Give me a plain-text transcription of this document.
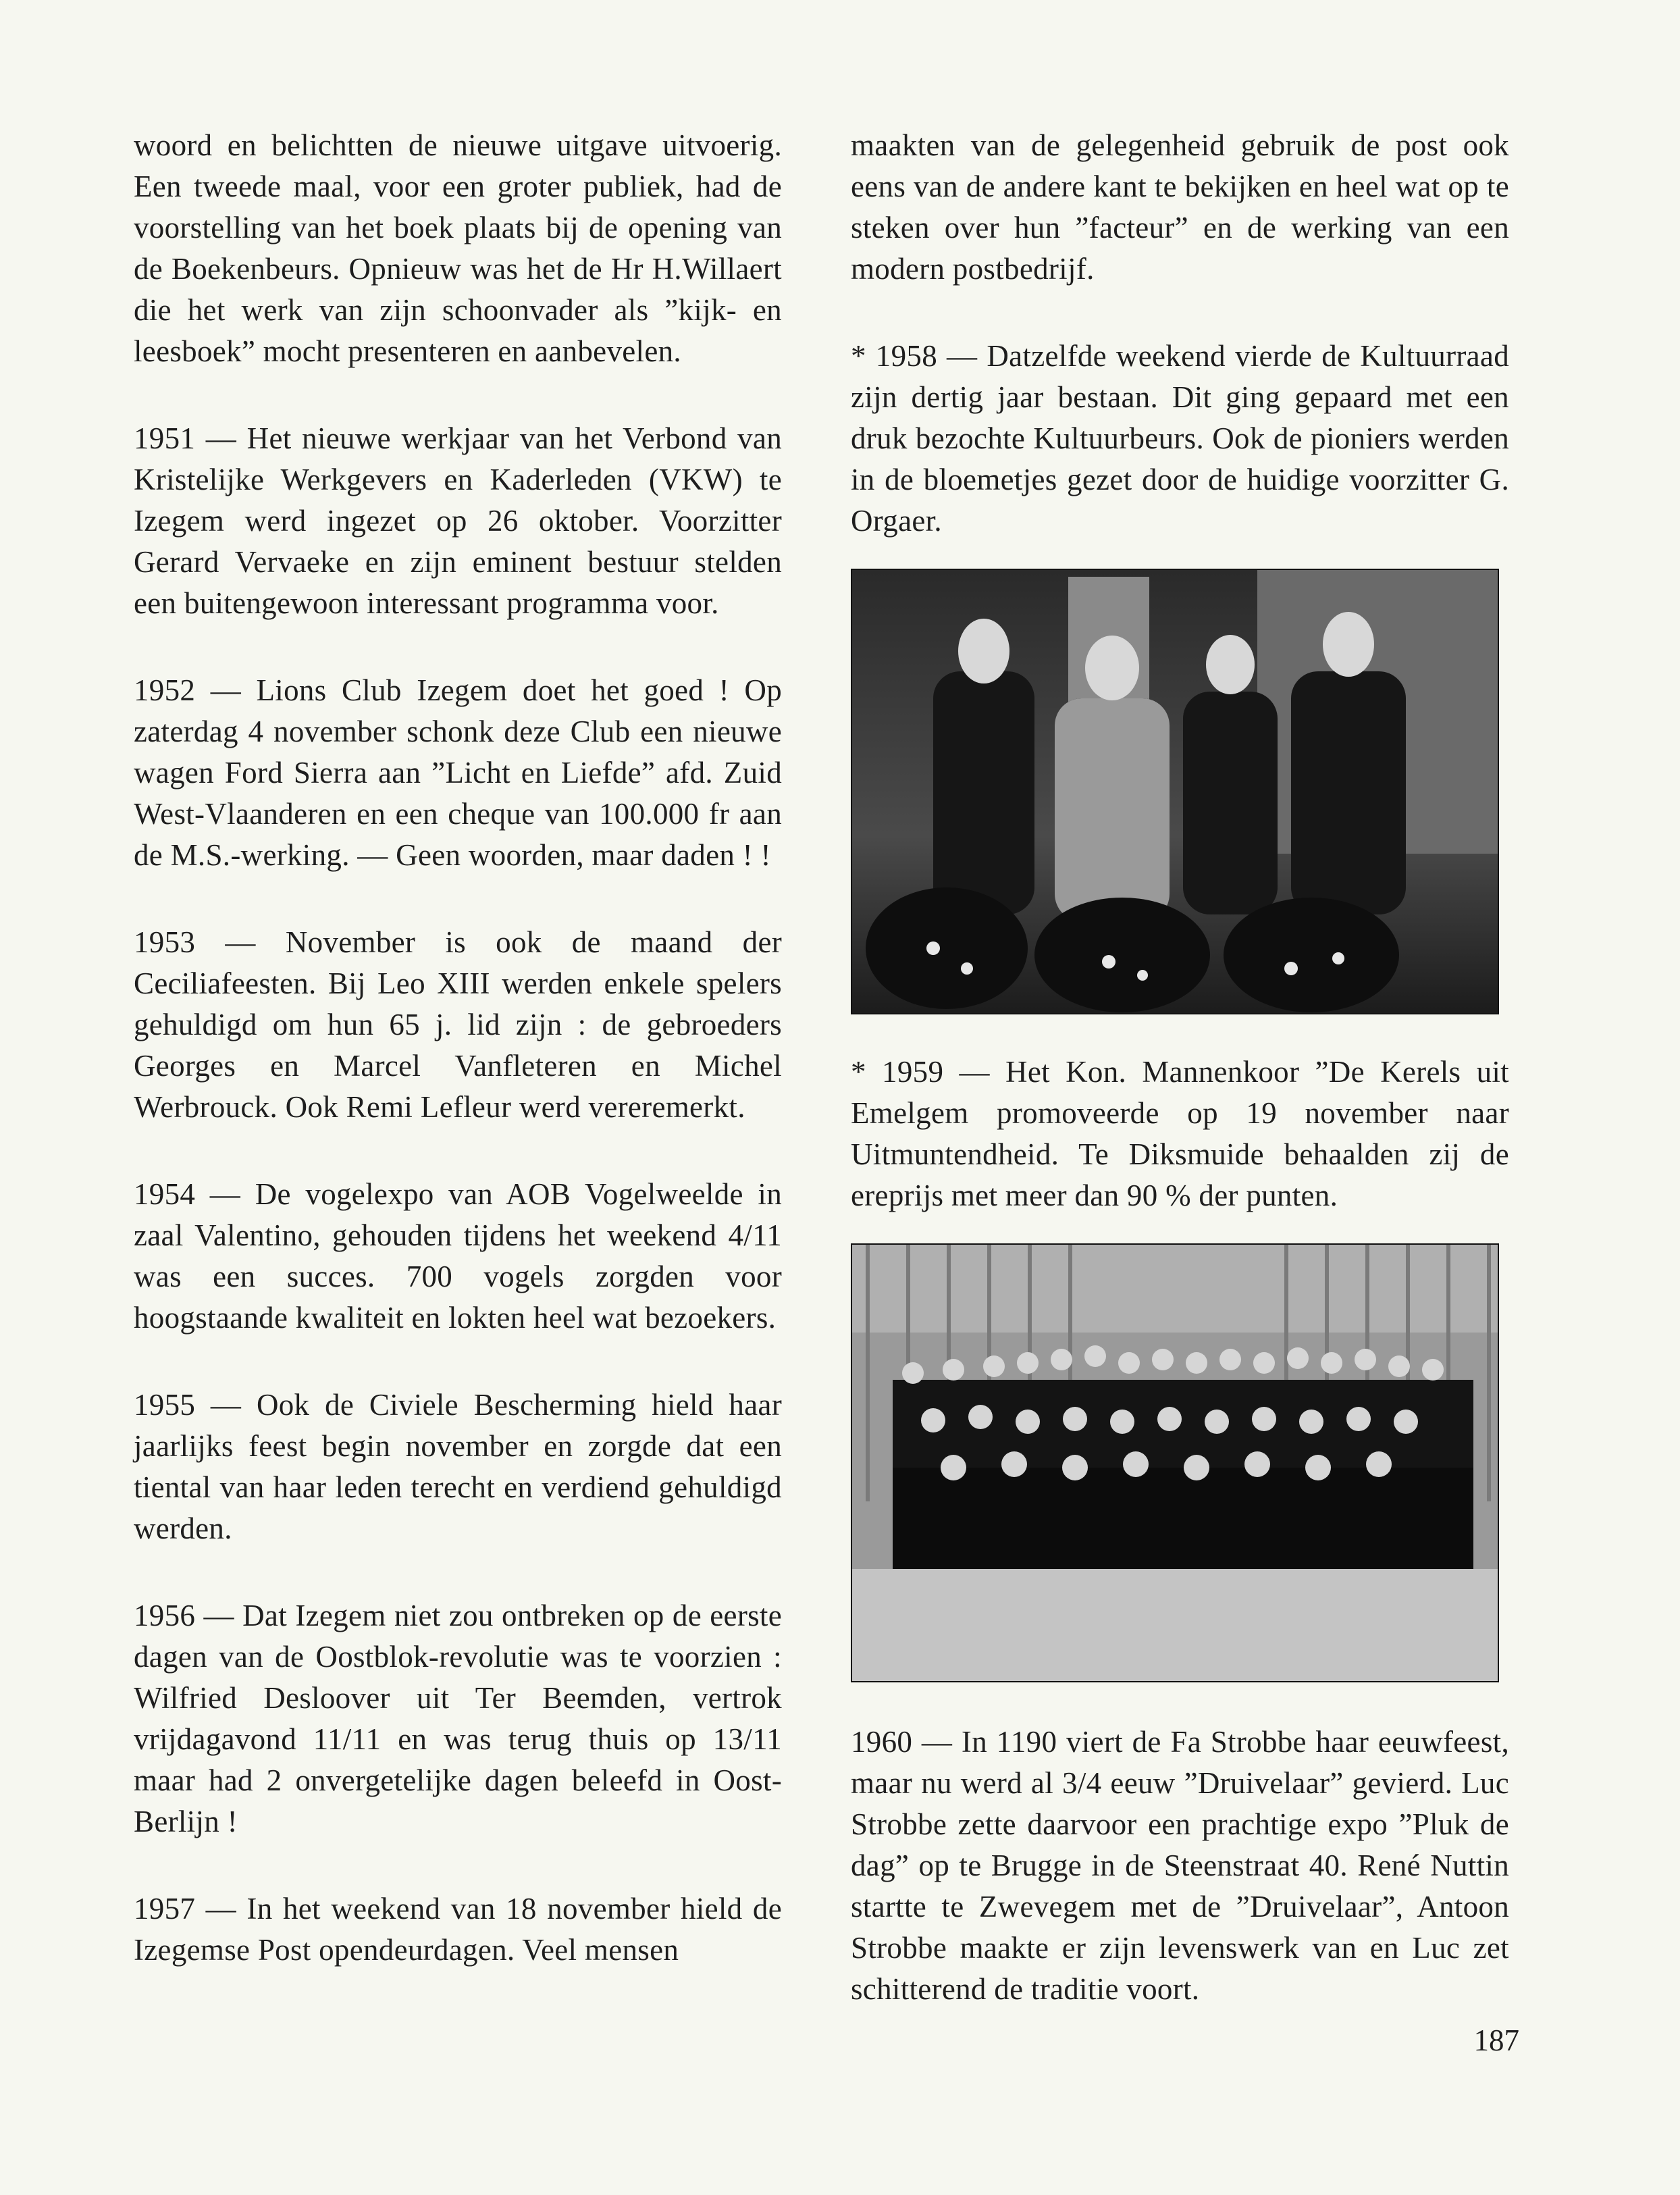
woord en belichtten de nieuwe uitgave uitvoerig. Een tweede maal, voor een groter publiek, had de voorstelling van het boek plaats bij de opening van de Boekenbeurs. Opnieuw was het de Hr H.Willaert die het werk van zijn schoonvader als ”kijk- en leesboek” mocht presenteren en aanbevelen.

1951 — Het nieuwe werkjaar van het Verbond van Kristelijke Werkgevers en Kaderleden (VKW) te Izegem werd ingezet op 26 oktober. Voorzitter Gerard Vervaeke en zijn eminent bestuur stelden een buitengewoon interessant programma voor.

1952 — Lions Club Izegem doet het goed ! Op zaterdag 4 november schonk deze Club een nieuwe wagen Ford Sierra aan ”Licht en Liefde” afd. Zuid West-Vlaanderen en een cheque van 100.000 fr aan de M.S.-werking. — Geen woorden, maar daden ! !

1953 — November is ook de maand der Ceciliafeesten. Bij Leo XIII werden enkele spelers gehuldigd om hun 65 j. lid zijn : de gebroeders Georges en Marcel Vanfleteren en Michel Werbrouck. Ook Remi Lefleur werd vereremerkt.

1954 — De vogelexpo van AOB Vogelweelde in zaal Valentino, gehouden tijdens het weekend 4/11 was een succes. 700 vogels zorgden voor hoogstaande kwaliteit en lokten heel wat bezoekers.

1955 — Ook de Civiele Bescherming hield haar jaarlijks feest begin november en zorgde dat een tiental van haar leden terecht en verdiend gehuldigd werden.

1956 — Dat Izegem niet zou ontbreken op de eerste dagen van de Oostblok-revolutie was te voorzien : Wilfried Desloover uit Ter Beemden, vertrok vrijdagavond 11/11 en was terug thuis op 13/11 maar had 2 onvergetelijke dagen beleefd in Oost-Berlijn !

1957 — In het weekend van 18 november hield de Izegemse Post opendeurdagen. Veel mensen

maakten van de gelegenheid gebruik de post ook eens van de andere kant te bekijken en heel wat op te steken over hun ”facteur” en de werking van een modern postbedrijf.

* 1958 — Datzelfde weekend vierde de Kultuurraad zijn dertig jaar bestaan. Dit ging gepaard met een druk bezochte Kultuurbeurs. Ook de pioniers werden in de bloemetjes gezet door de huidige voorzitter G. Orgaer.

* 1959 — Het Kon. Mannenkoor ”De Kerels uit Emelgem promoveerde op 19 november naar Uitmuntendheid. Te Diksmuide behaalden zij de ereprijs met meer dan 90 % der punten.

1960 — In 1190 viert de Fa Strobbe haar eeuwfeest, maar nu werd al 3/4 eeuw ”Druivelaar” gevierd. Luc Strobbe zette daarvoor een prachtige expo ”Pluk de dag” op te Brugge in de Steenstraat 40. René Nuttin startte te Zwevegem met de ”Druivelaar”, Antoon Strobbe maakte er zijn levenswerk van en Luc zet schitterend de traditie voort.

187
